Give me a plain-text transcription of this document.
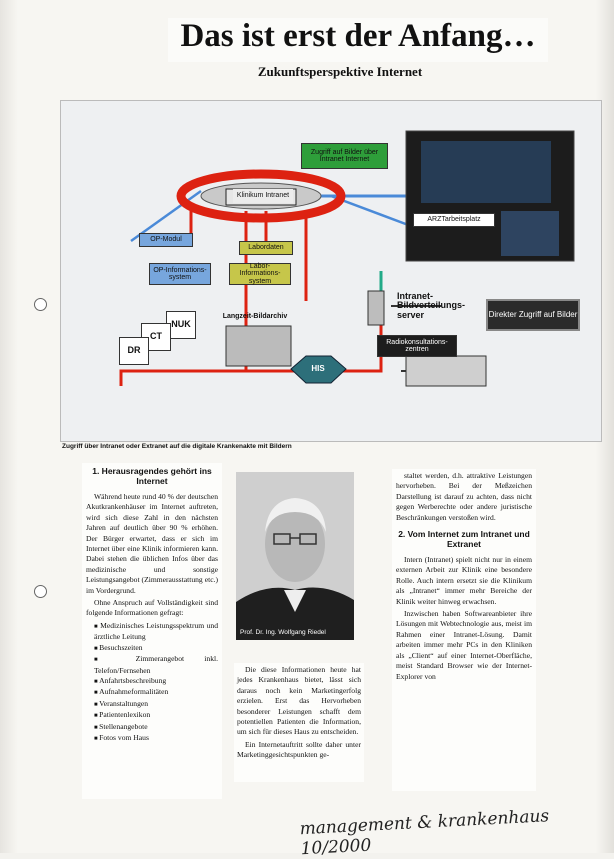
Das ist erst der Anfang…
Zukunftsperspektive Internet
Zugriff auf Bilder über Intranet Internet
Klinikum Intranet
ARZTarbeitsplatz
OP-Modul
Labordaten
OP-Informations-system
Labor-Informations-system
Langzeit-Bildarchiv
Intranet-Bildverteilungs-server	Direkter Zugriff auf Bilder
Radiokonsultations-zentren
HIS
NUK
CT
DR
Zugriff über Intranet oder Extranet auf die digitale Krankenakte mit Bildern
1. Herausragendes gehört ins Internet

Während heute rund 40 % der deutschen Akutkrankenhäuser im Internet auftreten, wird sich diese Zahl in den nächsten Jahren auf deutlich über 90 % erhöhen. Der Bürger erwartet, dass er sich im Internet über eine Klinik informieren kann. Dabei stehen die üblichen Infos über das medizinische und sonstige Leistungsangebot (Zimmerausstattung etc.) im Vordergrund.

Ohne Anspruch auf Vollständigkeit sind folgende Informationen gefragt:

■ Medizinisches Leistungsspektrum und ärztliche Leitung
■ Besuchszeiten
■ Zimmerangebot inkl. Telefon/Fernsehen
■ Anfahrtsbeschreibung
■ Aufnahmeformalitäten
■ Veranstaltungen
■ Patientenlexikon
■ Stellenangebote
■ Fotos vom Haus
Prof. Dr. Ing. Wolfgang Riedel

Die diese Informationen heute hat jedes Krankenhaus bietet, lässt sich daraus noch kein Marketingerfolg erzielen. Erst das Hervorheben besonderer Leistungen schafft dem potentiellen Patienten die Information, um sich für dieses Haus zu entscheiden.

Ein Internetauftritt sollte daher unter Marketinggesichtspunkten ge-

staltet werden, d.h. attraktive Leistungen hervorheben. Bei der Meßzeichen Darstellung ist darauf zu achten, dass nicht gegen Werberechte oder andere juristische Beschränkungen verstoßen wird.

2. Vom Internet zum Intranet und Extranet

Intern (Intranet) spielt nicht nur in einem externen Arbeit zur Klinik eine besondere Rolle. Auch intern ersetzt sie die Klinikum als „Intranet“ immer mehr Bereiche der Klinik weiter hinweg erwachsen.

Inzwischen haben Softwareanbieter ihre Lösungen mit Webtechnologie aus, meist im Rahmen einer Intranet-Lösung. Damit arbeiten immer mehr PCs in den Kliniken als „Client“ auf einer Internet-Oberfläche, meist Standard Browser wie der Internet-Explorer von

management & krankenhaus 10/2000
